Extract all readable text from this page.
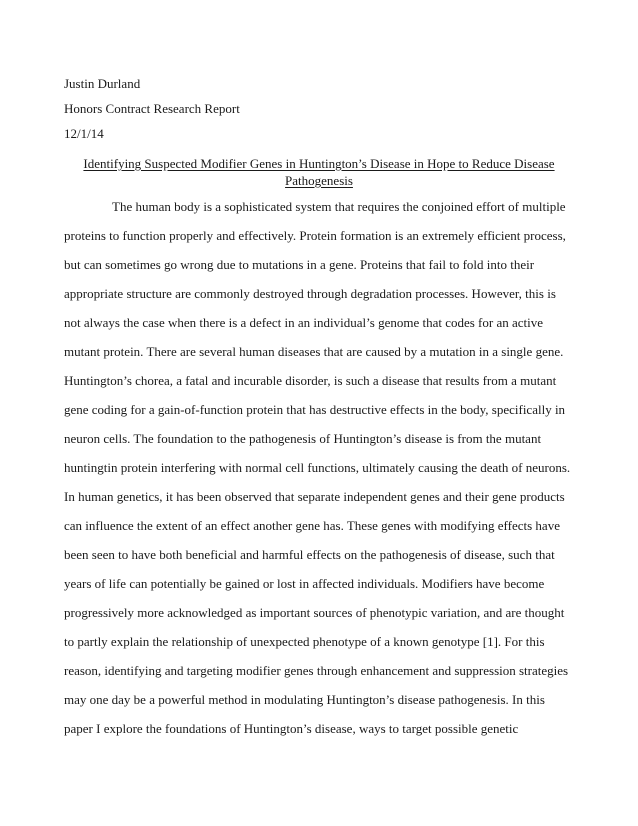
Justin Durland
Honors Contract Research Report
12/1/14
Identifying Suspected Modifier Genes in Huntington’s Disease in Hope to Reduce Disease
Pathogenesis
The human body is a sophisticated system that requires the conjoined effort of multiple
proteins to function properly and effectively. Protein formation is an extremely efficient process,
but can sometimes go wrong due to mutations in a gene. Proteins that fail to fold into their
appropriate structure are commonly destroyed through degradation processes. However, this is
not always the case when there is a defect in an individual’s genome that codes for an active
mutant protein. There are several human diseases that are caused by a mutation in a single gene.
Huntington’s chorea, a fatal and incurable disorder, is such a disease that results from a mutant
gene coding for a gain-of-function protein that has destructive effects in the body, specifically in
neuron cells. The foundation to the pathogenesis of Huntington’s disease is from the mutant
huntingtin protein interfering with normal cell functions, ultimately causing the death of neurons.
In human genetics, it has been observed that separate independent genes and their gene products
can influence the extent of an effect another gene has. These genes with modifying effects have
been seen to have both beneficial and harmful effects on the pathogenesis of disease, such that
years of life can potentially be gained or lost in affected individuals. Modifiers have become
progressively more acknowledged as important sources of phenotypic variation, and are thought
to partly explain the relationship of unexpected phenotype of a known genotype [1]. For this
reason, identifying and targeting modifier genes through enhancement and suppression strategies
may one day be a powerful method in modulating Huntington’s disease pathogenesis. In this
paper I explore the foundations of Huntington’s disease, ways to target possible genetic
